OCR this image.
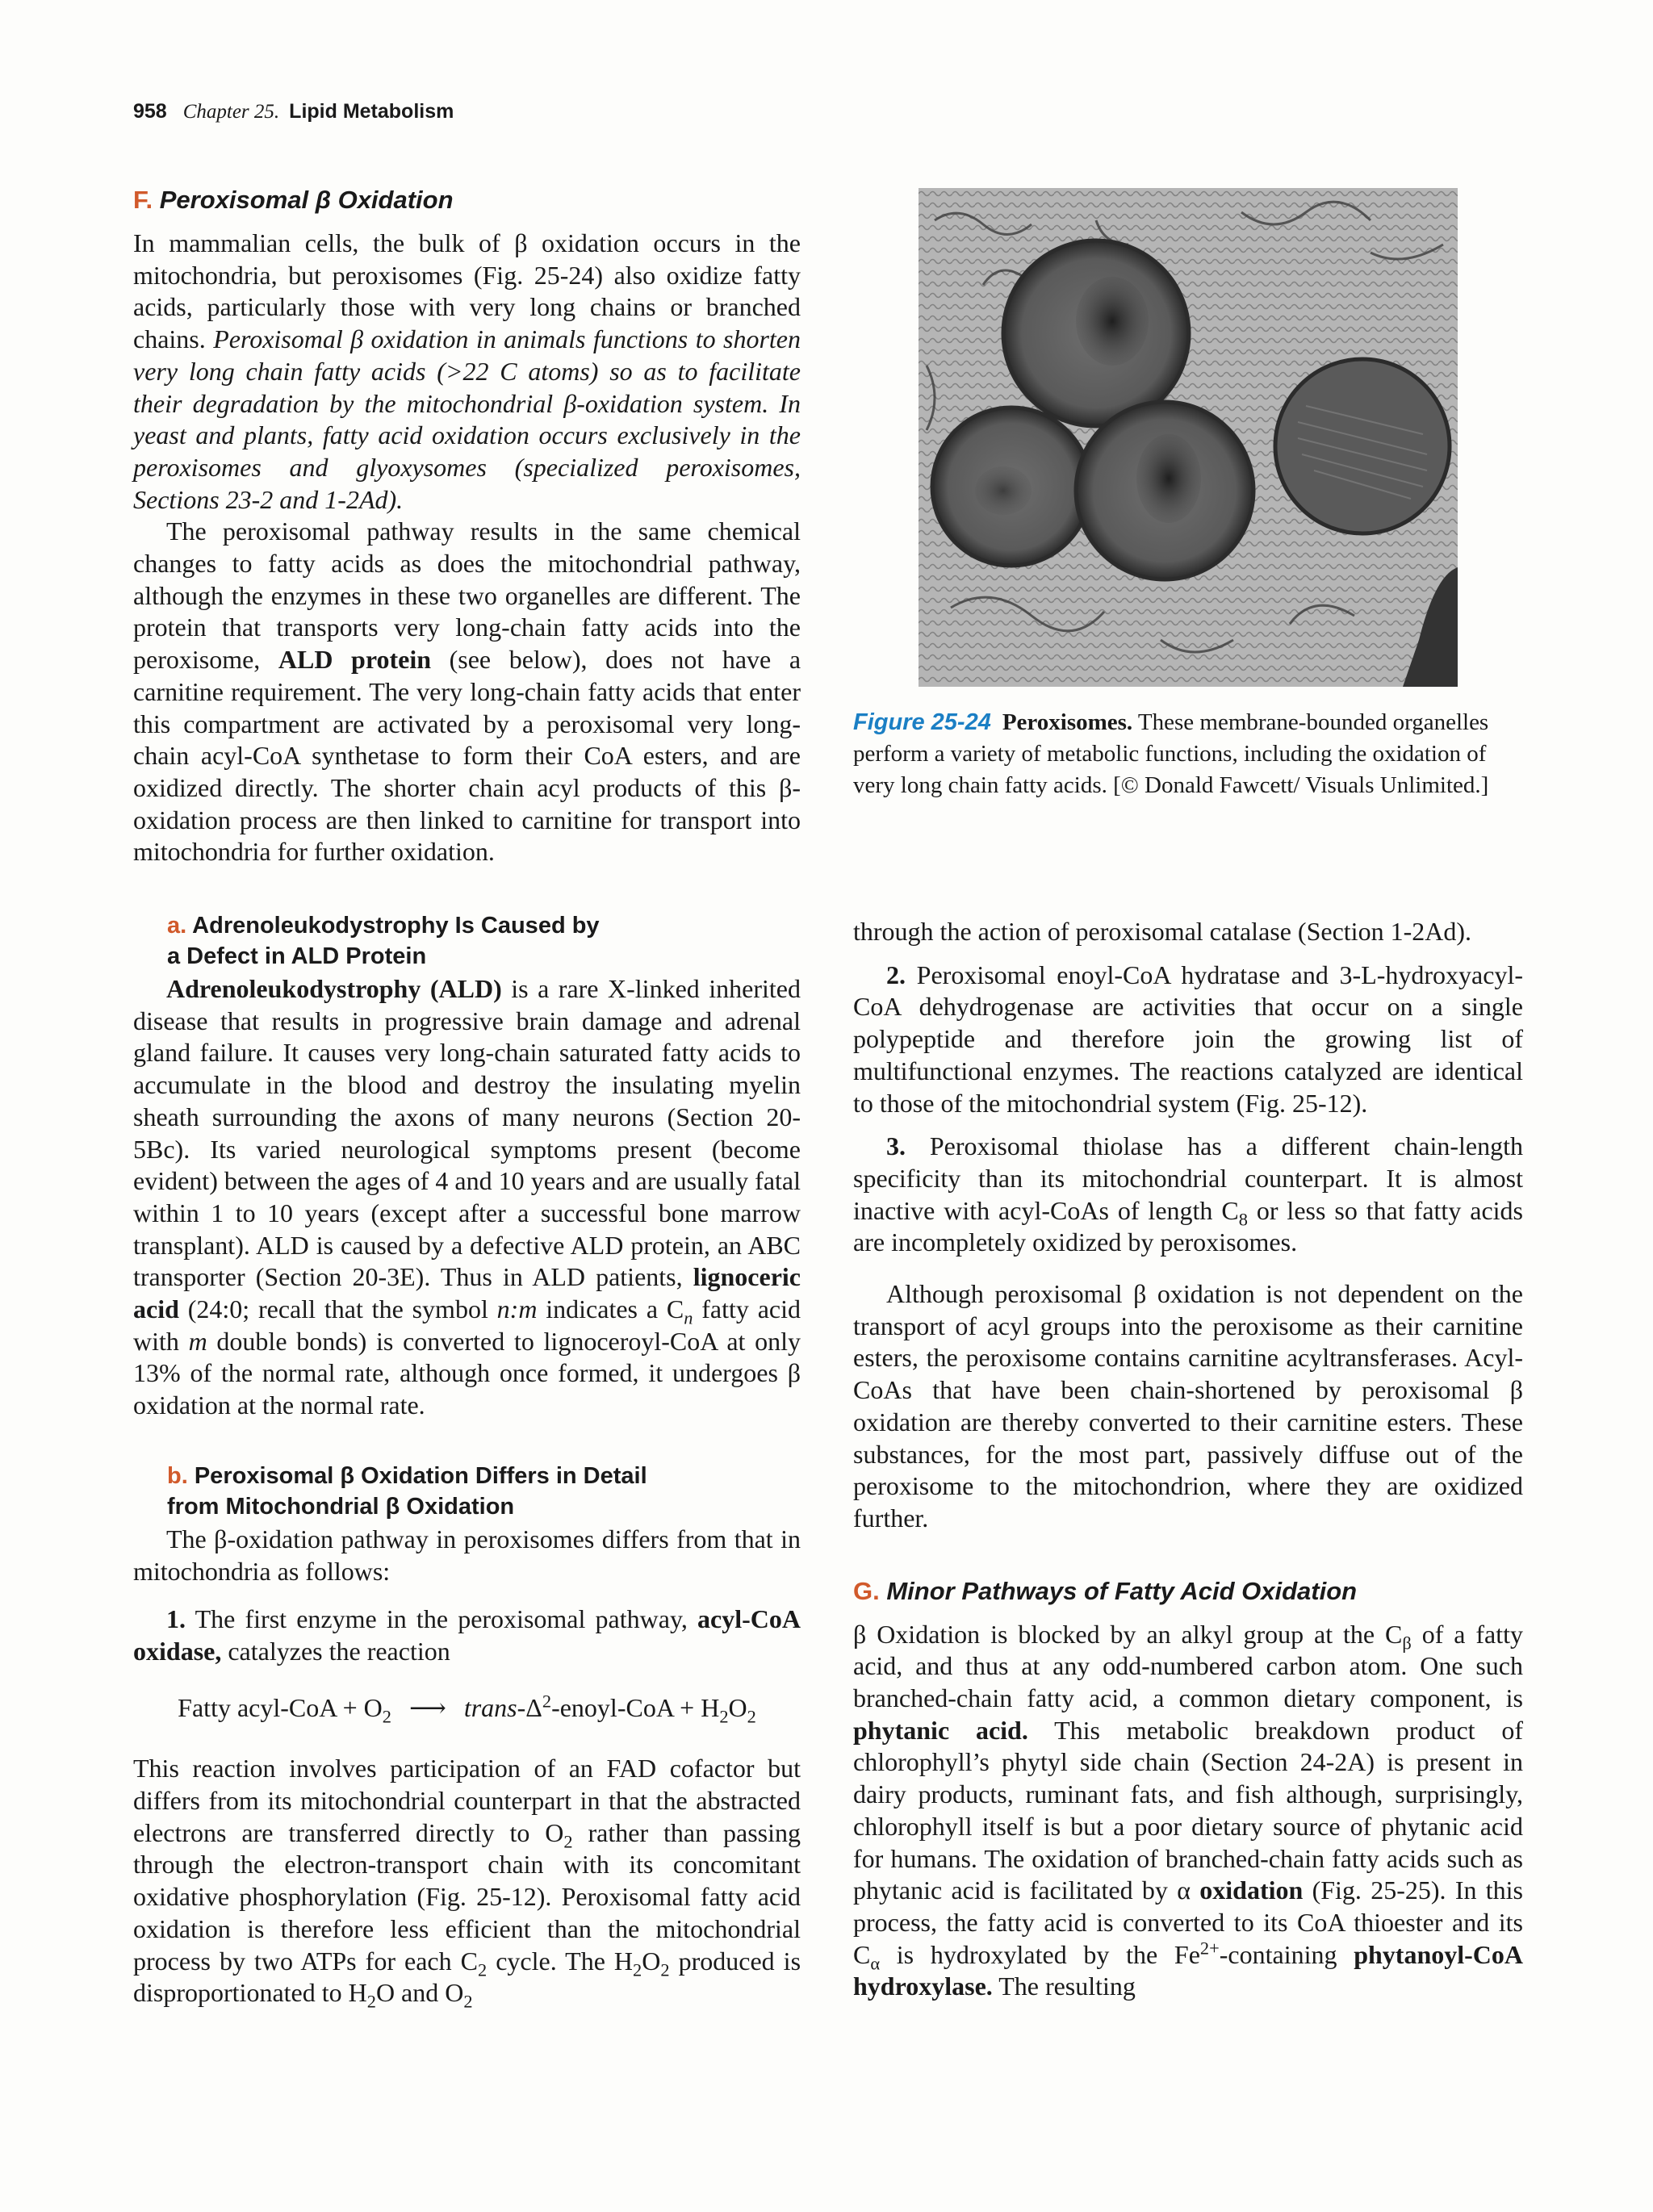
958 Chapter 25. Lipid Metabolism
F. Peroxisomal β Oxidation

In mammalian cells, the bulk of β oxidation occurs in the mitochondria, but peroxisomes (Fig. 25-24) also oxidize fatty acids, particularly those with very long chains or branched chains. Peroxisomal β oxidation in animals functions to shorten very long chain fatty acids (>22 C atoms) so as to facilitate their degradation by the mitochondrial β-oxidation system. In yeast and plants, fatty acid oxidation occurs exclusively in the peroxisomes and glyoxysomes (specialized peroxisomes, Sections 23-2 and 1-2Ad).

The peroxisomal pathway results in the same chemical changes to fatty acids as does the mitochondrial pathway, although the enzymes in these two organelles are different. The protein that transports very long-chain fatty acids into the peroxisome, ALD protein (see below), does not have a carnitine requirement. The very long-chain fatty acids that enter this compartment are activated by a peroxisomal very long-chain acyl-CoA synthetase to form their CoA esters, and are oxidized directly. The shorter chain acyl products of this β-oxidation process are then linked to carnitine for transport into mitochondria for further oxidation.

Figure 25-24 Peroxisomes. These membrane-bounded organelles perform a variety of metabolic functions, including the oxidation of very long chain fatty acids. [© Donald Fawcett/ Visuals Unlimited.]
a. Adrenoleukodystrophy Is Caused by
a Defect in ALD Protein

Adrenoleukodystrophy (ALD) is a rare X-linked inherited disease that results in progressive brain damage and adrenal gland failure. It causes very long-chain saturated fatty acids to accumulate in the blood and destroy the insulating myelin sheath surrounding the axons of many neurons (Section 20-5Bc). Its varied neurological symptoms present (become evident) between the ages of 4 and 10 years and are usually fatal within 1 to 10 years (except after a successful bone marrow transplant). ALD is caused by a defective ALD protein, an ABC transporter (Section 20-3E). Thus in ALD patients, lignoceric acid (24:0; recall that the symbol n:m indicates a $C_n$ fatty acid with m double bonds) is converted to lignoceroyl-CoA at only 13% of the normal rate, although once formed, it undergoes β oxidation at the normal rate.

b. Peroxisomal β Oxidation Differs in Detail
from Mitochondrial β Oxidation

The β-oxidation pathway in peroxisomes differs from that in mitochondria as follows:

1. The first enzyme in the peroxisomal pathway, acyl-CoA oxidase, catalyzes the reaction

Fatty acyl-CoA + $O_2$ ⟶ trans-$\Delta^2-enoyl$-CoA + $H_2O_2$

This reaction involves participation of an FAD cofactor but differs from its mitochondrial counterpart in that the abstracted electrons are transferred directly to $O_2$ rather than passing through the electron-transport chain with its concomitant oxidative phosphorylation (Fig. 25-12). Peroxisomal fatty acid oxidation is therefore less efficient than the mitochondrial process by two ATPs for each $C_2$ cycle. The $H_2O_2$ produced is disproportionated to $H_2O$ and $O_2$

through the action of peroxisomal catalase (Section 1-2Ad).

2. Peroxisomal enoyl-CoA hydratase and 3-L-hydroxyacyl-CoA dehydrogenase are activities that occur on a single polypeptide and therefore join the growing list of multifunctional enzymes. The reactions catalyzed are identical to those of the mitochondrial system (Fig. 25-12).

3. Peroxisomal thiolase has a different chain-length specificity than its mitochondrial counterpart. It is almost inactive with acyl-CoAs of length $C_8$ or less so that fatty acids are incompletely oxidized by peroxisomes.

Although peroxisomal β oxidation is not dependent on the transport of acyl groups into the peroxisome as their carnitine esters, the peroxisome contains carnitine acyltransferases. Acyl-CoAs that have been chain-shortened by peroxisomal β oxidation are thereby converted to their carnitine esters. These substances, for the most part, passively diffuse out of the peroxisome to the mitochondrion, where they are oxidized further.

G. Minor Pathways of Fatty Acid Oxidation

β Oxidation is blocked by an alkyl group at the $C_\beta$ of a fatty acid, and thus at any odd-numbered carbon atom. One such branched-chain fatty acid, a common dietary component, is phytanic acid. This metabolic breakdown product of chlorophyll’s phytyl side chain (Section 24-2A) is present in dairy products, ruminant fats, and fish although, surprisingly, chlorophyll itself is but a poor dietary source of phytanic acid for humans. The oxidation of branched-chain fatty acids such as phytanic acid is facilitated by α oxidation (Fig. 25-25). In this process, the fatty acid is converted to its CoA thioester and its $C_\alpha$ is hydroxylated by the $Fe^{2+}$-containing phytanoyl-CoA hydroxylase. The resulting
